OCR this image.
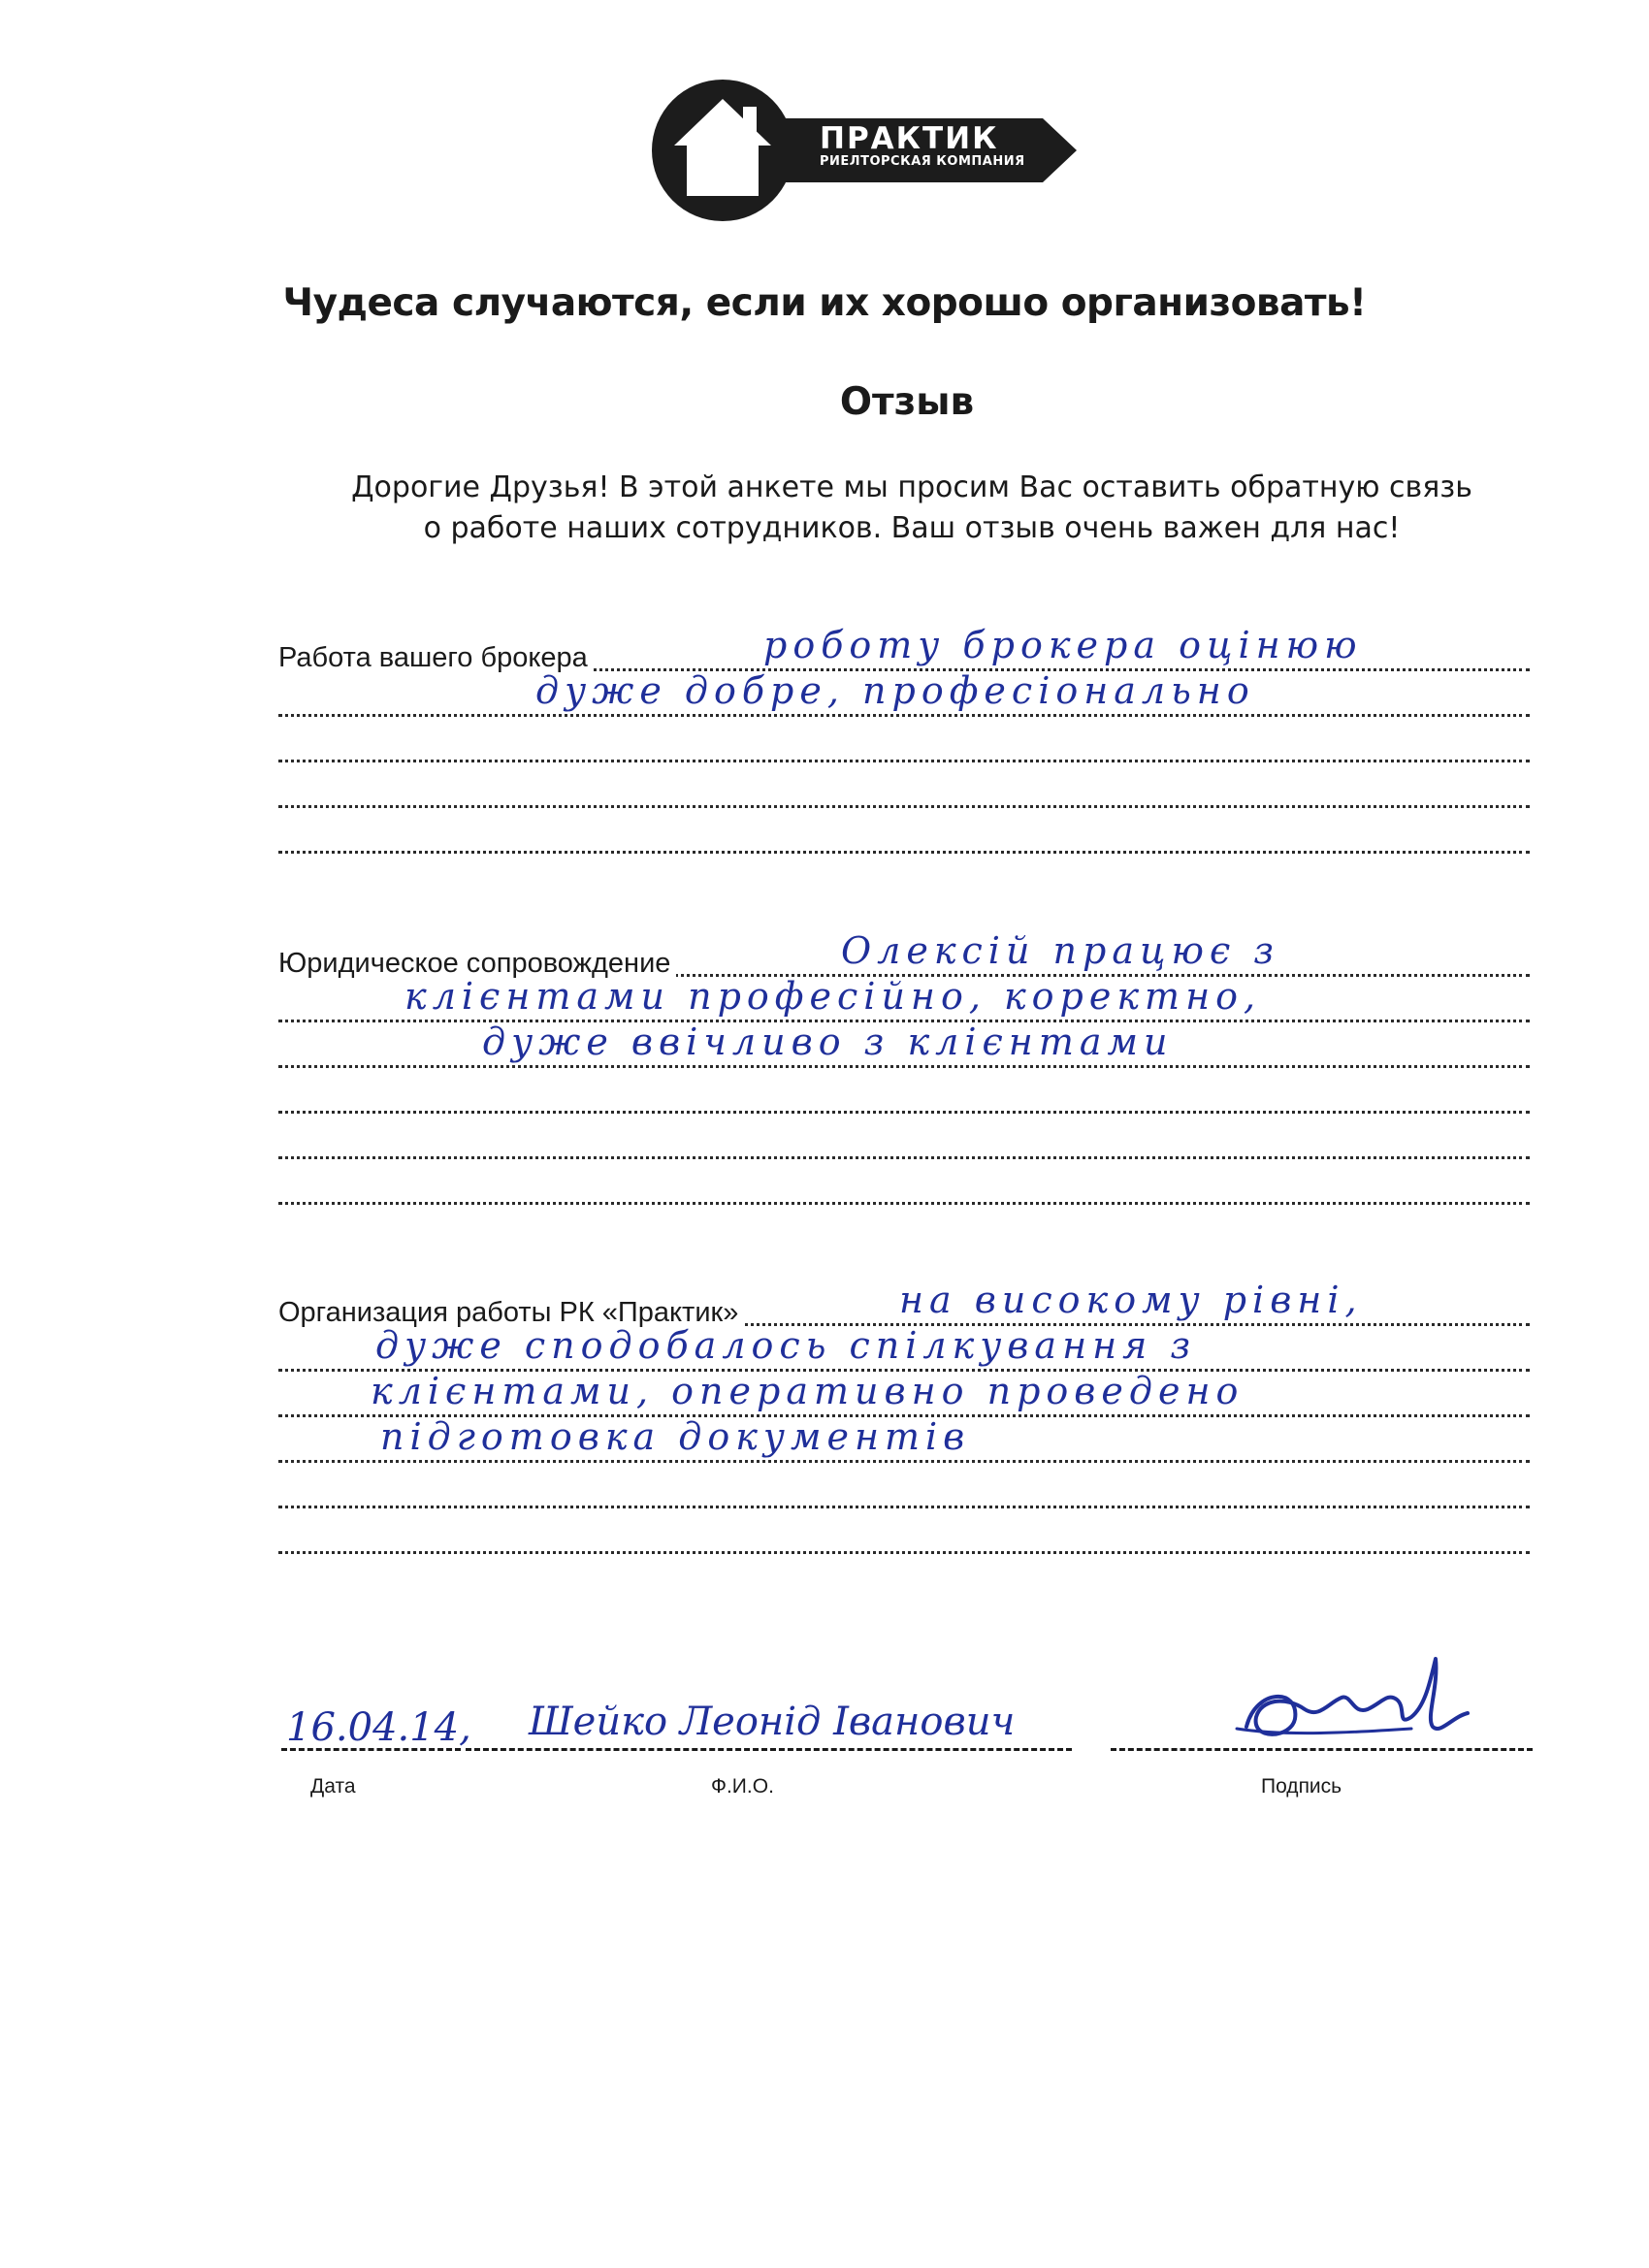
ПРАКТИК
РИЕЛТОРСКАЯ КОМПАНИЯ
Чудеса случаются, если их хорошо организовать!
Отзыв
Дорогие Друзья! В этой анкете мы просим Вас оставить обратную связь
о работе наших сотрудников. Ваш отзыв очень важен для нас!
Работа вашего брокера	роботу брокера оцінюю
дуже добре, професіонально
Юридическое сопровождение	Олексій працює з
клієнтами професійно, коректно,
дуже ввічливо з клієнтами
Организация работы РК «Практик»	на високому рівні,
дуже сподобалось спілкування з
клієнтами, оперативно проведено
підготовка документів
16.04.14, Шейко Леонід Іванович
Дата	Ф.И.О.	Подпись
